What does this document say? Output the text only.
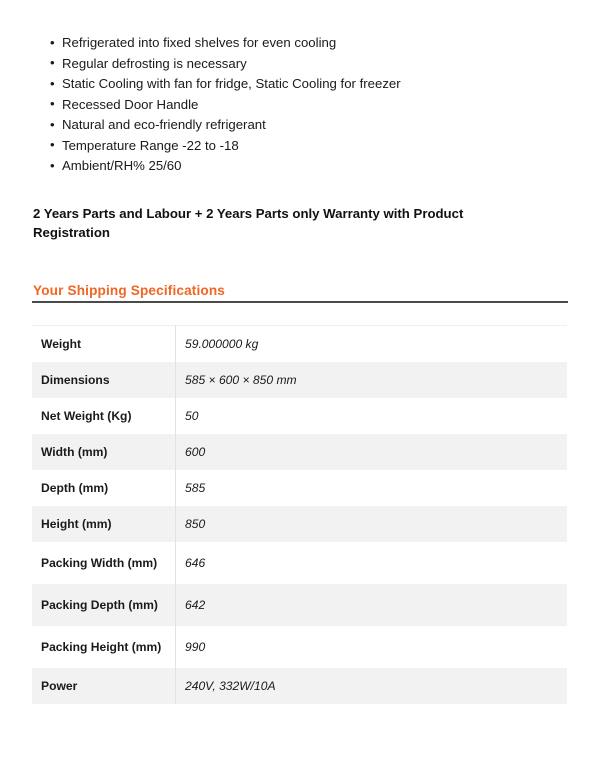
• Refrigerated into fixed shelves for even cooling
• Regular defrosting is necessary
• Static Cooling with fan for fridge, Static Cooling for freezer
• Recessed Door Handle
• Natural and eco-friendly refrigerant
• Temperature Range -22 to -18
• Ambient/RH% 25/60

2 Years Parts and Labour + 2 Years Parts only Warranty with Product Registration

Your Shipping Specifications
Weight	59.000000 kg
Dimensions	585 × 600 × 850 mm
Net Weight (Kg)	50
Width (mm)	600
Depth (mm)	585
Height (mm)	850
Packing Width (mm)	646
Packing Depth (mm)	642
Packing Height (mm)	990
Power	240V, 332W/10A
